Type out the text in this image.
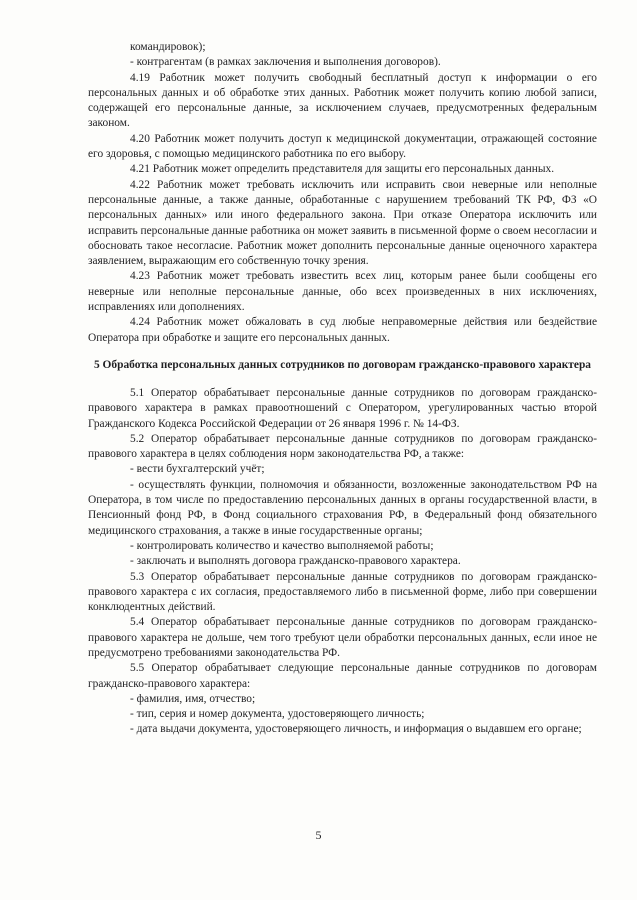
командировок);

- контрагентам (в рамках заключения и выполнения договоров).

4.19 Работник может получить свободный бесплатный доступ к информации о его персональных данных и об обработке этих данных. Работник может получить копию любой записи, содержащей его персональные данные, за исключением случаев, предусмотренных федеральным законом.

4.20 Работник может получить доступ к медицинской документации, отражающей состояние его здоровья, с помощью медицинского работника по его выбору.

4.21 Работник может определить представителя для защиты его персональных данных.

4.22 Работник может требовать исключить или исправить свои неверные или неполные персональные данные, а также данные, обработанные с нарушением требований ТК РФ, ФЗ «О персональных данных» или иного федерального закона. При отказе Оператора исключить или исправить персональные данные работника он может заявить в письменной форме о своем несогласии и обосновать такое несогласие. Работник может дополнить персональные данные оценочного характера заявлением, выражающим его собственную точку зрения.

4.23 Работник может требовать известить всех лиц, которым ранее были сообщены его неверные или неполные персональные данные, обо всех произведенных в них исключениях, исправлениях или дополнениях.

4.24 Работник может обжаловать в суд любые неправомерные действия или бездействие Оператора при обработке и защите его персональных данных.

5 Обработка персональных данных сотрудников по договорам гражданско-правового характера

5.1 Оператор обрабатывает персональные данные сотрудников по договорам гражданско-правового характера в рамках правоотношений с Оператором, урегулированных частью второй Гражданского Кодекса Российской Федерации от 26 января 1996 г. № 14-ФЗ.

5.2 Оператор обрабатывает персональные данные сотрудников по договорам гражданско-правового характера в целях соблюдения норм законодательства РФ, а также:

- вести бухгалтерский учёт;

- осуществлять функции, полномочия и обязанности, возложенные законодательством РФ на Оператора, в том числе по предоставлению персональных данных в органы государственной власти, в Пенсионный фонд РФ, в Фонд социального страхования РФ, в Федеральный фонд обязательного медицинского страхования, а также в иные государственные органы;

- контролировать количество и качество выполняемой работы;

- заключать и выполнять договора гражданско-правового характера.

5.3 Оператор обрабатывает персональные данные сотрудников по договорам гражданско-правового характера с их согласия, предоставляемого либо в письменной форме, либо при совершении конклюдентных действий.

5.4 Оператор обрабатывает персональные данные сотрудников по договорам гражданско-правового характера не дольше, чем того требуют цели обработки персональных данных, если иное не предусмотрено требованиями законодательства РФ.

5.5 Оператор обрабатывает следующие персональные данные сотрудников по договорам гражданско-правового характера:

- фамилия, имя, отчество;

- тип, серия и номер документа, удостоверяющего личность;

- дата выдачи документа, удостоверяющего личность, и информация о выдавшем его органе;

5
